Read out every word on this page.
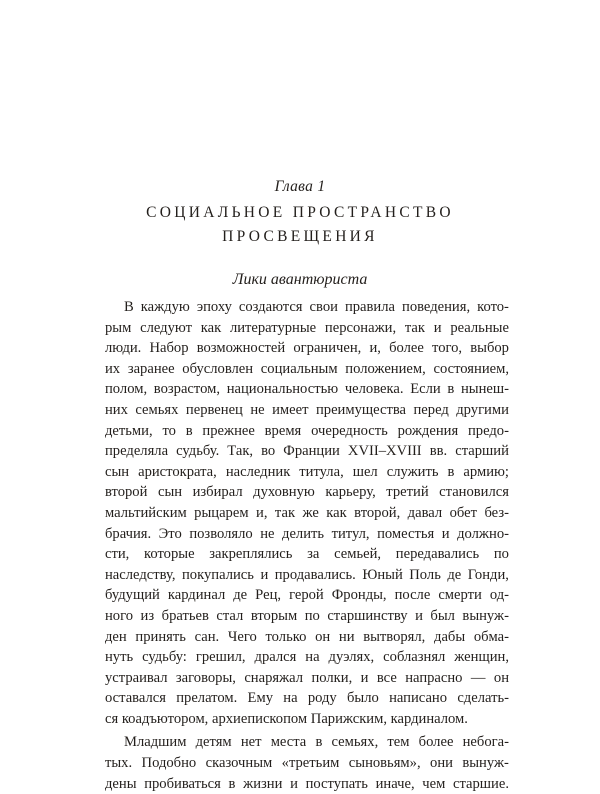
Глава 1
СОЦИАЛЬНОЕ ПРОСТРАНСТВО
ПРОСВЕЩЕНИЯ
Лики авантюриста
В каждую эпоху создаются свои правила поведения, кото-
рым следуют как литературные персонажи, так и реальные
люди. Набор возможностей ограничен, и, более того, выбор
их заранее обусловлен социальным положением, состоянием,
полом, возрастом, национальностью человека. Если в нынеш-
них семьях первенец не имеет преимущества перед другими
детьми, то в прежнее время очередность рождения предо-
пределяла судьбу. Так, во Франции XVII–XVIII вв. старший
сын аристократа, наследник титула, шел служить в армию;
второй сын избирал духовную карьеру, третий становился
мальтийским рыцарем и, так же как второй, давал обет без-
брачия. Это позволяло не делить титул, поместья и должно-
сти, которые закреплялись за семьей, передавались по
наследству, покупались и продавались. Юный Поль де Гонди,
будущий кардинал де Рец, герой Фронды, после смерти од-
ного из братьев стал вторым по старшинству и был вынуж-
ден принять сан. Чего только он ни вытворял, дабы обма-
нуть судьбу: грешил, дрался на дуэлях, соблазнял женщин,
устраивал заговоры, снаряжал полки, и все напрасно — он
оставался прелатом. Ему на роду было написано сделать-
ся коадъютором, архиепископом Парижским, кардиналом.
Младшим детям нет места в семьях, тем более небога-
тых. Подобно сказочным «третьим сыновьям», они вынуж-
дены пробиваться в жизни и поступать иначе, чем старшие.
